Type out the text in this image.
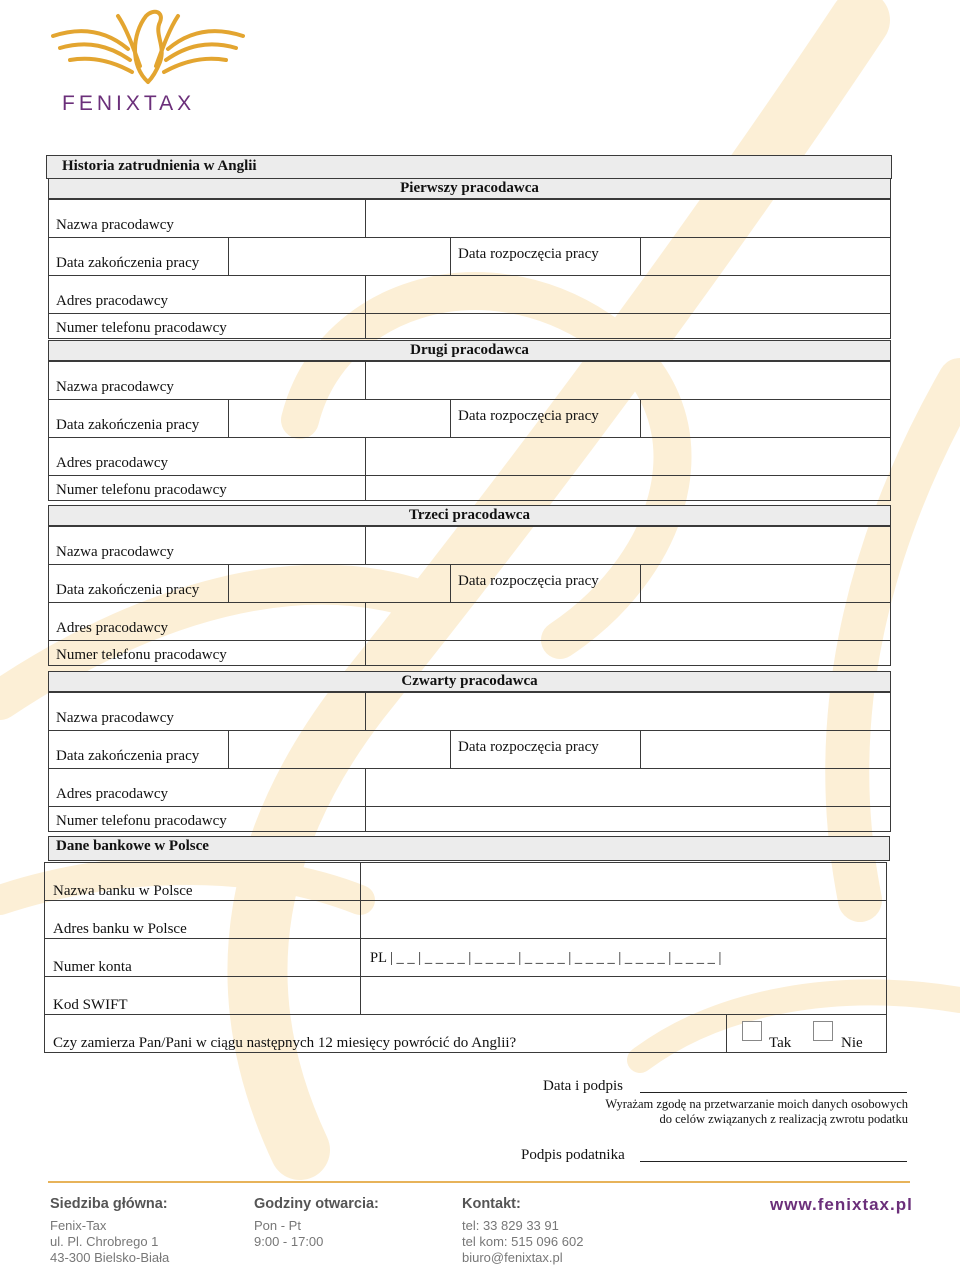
FENIXTAX
Historia zatrudnienia w Anglii
Pierwszy pracodawca
Nazwa pracodawcy
Data zakończenia pracy
Data rozpoczęcia pracy
Adres pracodawcy
Numer telefonu pracodawcy
Drugi pracodawca
Nazwa pracodawcy
Data zakończenia pracy
Data rozpoczęcia pracy
Adres pracodawcy
Numer telefonu pracodawcy
Trzeci pracodawca
Nazwa pracodawcy
Data zakończenia pracy
Data rozpoczęcia pracy
Adres pracodawcy
Numer telefonu pracodawcy
Czwarty pracodawca
Nazwa pracodawcy
Data zakończenia pracy
Data rozpoczęcia pracy
Adres pracodawcy
Numer telefonu pracodawcy
Dane bankowe w Polsce
Nazwa banku w Polsce
Adres banku w Polsce
Numer konta
PL | _ _ | _ _ _ _ | _ _ _ _ | _ _ _ _ | _ _ _ _ | _ _ _ _ | _ _ _ _ |
Kod SWIFT
Czy zamierza Pan/Pani w ciągu następnych 12 miesięcy powrócić do Anglii?	Tak	Nie
Data i podpis
Wyrażam zgodę na przetwarzanie moich danych osobowych
do celów związanych z realizacją zwrotu podatku
Podpis podatnika
Siedziba główna:
Fenix-Tax
ul. Pl. Chrobrego 1
43-300 Bielsko-Biała
Godziny otwarcia:
Pon - Pt
9:00 - 17:00
Kontakt:
tel: 33 829 33 91
tel kom: 515 096 602
biuro@fenixtax.pl
www.fenixtax.pl
